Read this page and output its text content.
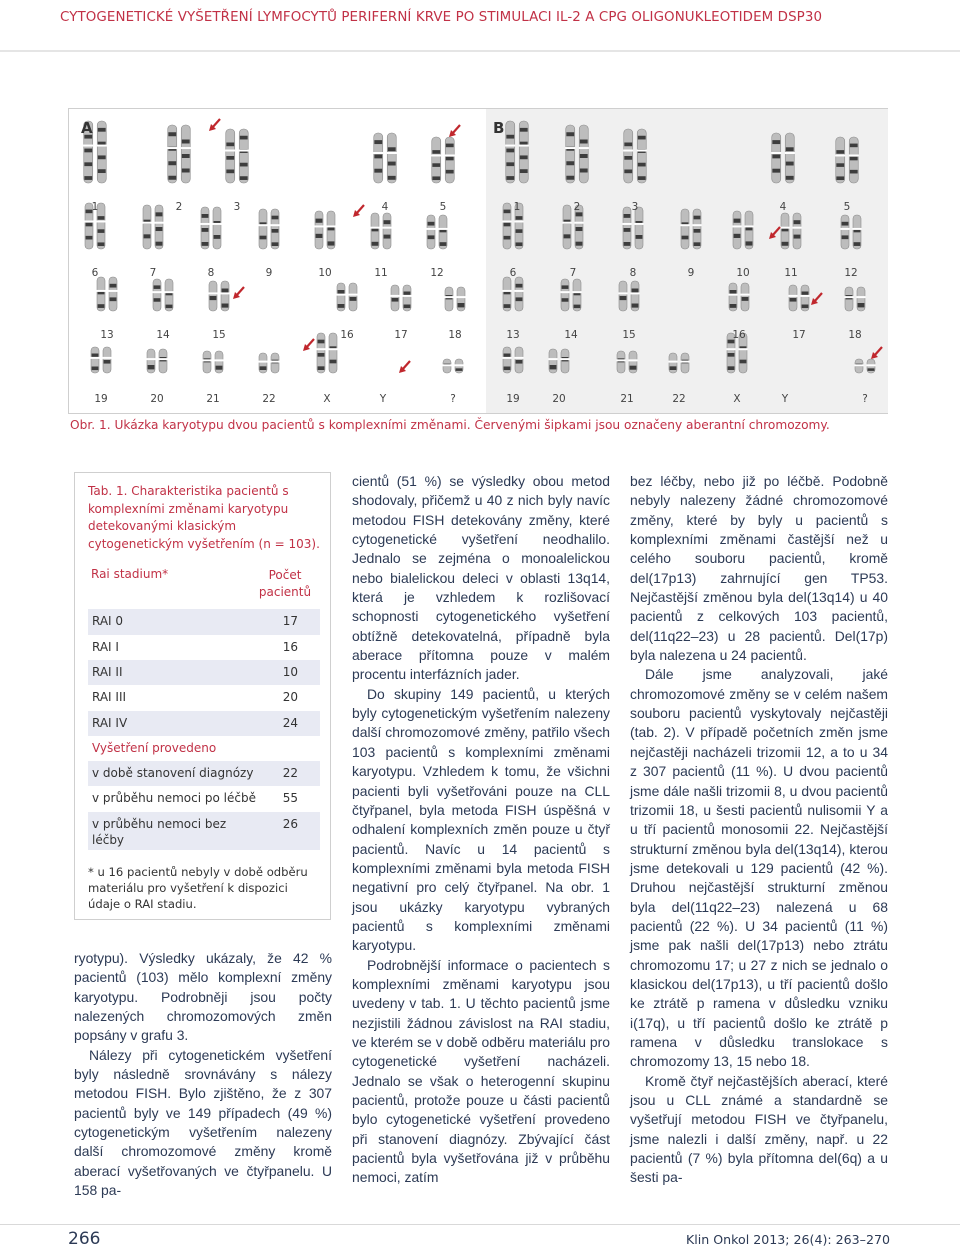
CYTOGENETICKÉ VYŠETŘENÍ LYMFOCYTŮ PERIFERNÍ KRVE PO STIMULACI IL-2 A CPG OLIGONUKLEOTIDEM DSP30
A	B
1	2	3	4	5
6	7	8	9	10	11	12
13	14	15	16	17	18
19	20	21	22	X	Y	?
1	2	3	4	5
6	7	8	9	10	11	12
13	14	15	16	17	18
19	20	21	22	X	Y	?
Obr. 1. Ukázka karyotypu dvou pacientů s komplexními změnami. Červenými šipkami jsou označeny aberantní chromozomy.
Tab. 1. Charakteristika pacientů s komplexními změnami karyotypu detekovanými klasickým cytogenetickým vyšetřením (n = 103).
Rai stadium*	Počet pacientů
RAI 0	17
RAI I	16
RAI II	10
RAI III	20
RAI IV	24
Vyšetření provedeno
v době stanovení diagnózy 22
v průběhu nemoci po léčbě 55
v průběhu nemoci bez léčby
26
* u 16 pacientů nebyly v době odběru materiálu pro vyšetření k dispozici údaje o RAI stadiu.

ryotypu). Výsledky ukázaly, že 42 % pacientů (103) mělo komplexní změny karyotypu. Podrobněji jsou počty nalezených chromozomových změn popsány v grafu 3.

Nálezy při cytogenetickém vyšetření byly následně srovnávány s nálezy metodou FISH. Bylo zjištěno, že z 307 pacientů byly ve 149 případech (49 %) cytogenetickým vyšetřením nalezeny další chromozomové změny kromě aberací vyšetřovaných ve čtyřpanelu. U 158 pa-

cientů (51 %) se výsledky obou metod shodovaly, přičemž u 40 z nich byly navíc metodou FISH detekovány změny, které cytogenetické vyšetření neodhalilo. Jednalo se zejména o monoalelickou nebo bialelickou deleci v oblasti 13q14, která je vzhledem k rozlišovací schopnosti cytogenetického vyšetření obtížně detekovatelná, případně byla aberace přítomna pouze v malém procentu interfázních jader.

Do skupiny 149 pacientů, u kterých byly cytogenetickým vyšetřením nalezeny další chromozomové změny, patřilo všech 103 pacientů s komplexními změnami karyotypu. Vzhledem k tomu, že všichni pacienti byli vyšetřováni pouze na CLL čtyřpanel, byla metoda FISH úspěšná v odhalení komplexních změn pouze u čtyř pacientů. Navíc u 14 pacientů s komplexními změnami byla metoda FISH negativní pro celý čtyřpanel. Na obr. 1 jsou ukázky karyotypu vybraných pacientů s komplexními změnami karyotypu.

Podrobnější informace o pacientech s komplexními změnami karyotypu jsou uvedeny v tab. 1. U těchto pacientů jsme nezjistili žádnou závislost na RAI stadiu, ve kterém se v době odběru materiálu pro cytogenetické vyšetření nacházeli. Jednalo se však o heterogenní skupinu pacientů, protože pouze u části pacientů bylo cytogenetické vyšetření provedeno při stanovení diagnózy. Zbývající část pacientů byla vyšetřována již v průběhu nemoci, zatím

bez léčby, nebo již po léčbě. Podobně nebyly nalezeny žádné chromozomové změny, které by byly u pacientů s komplexními změnami častější než u celého souboru pacientů, kromě del(17p13) zahrnující gen TP53. Nejčastější změnou byla del(13q14) u 40 pacientů z celkových 103 pacientů, del(11q22–23) u 28 pacientů. Del(17p) byla nalezena u 24 pacientů.

Dále jsme analyzovali, jaké chromozomové změny se v celém našem souboru pacientů vyskytovaly nejčastěji (tab. 2). V případě početních změn jsme nejčastěji nacházeli trizomii 12, a to u 34 z 307 pacientů (11 %). U dvou pacientů jsme dále našli trizomii 8, u dvou pacientů trizomii 18, u šesti pacientů nulisomii Y a u tří pacientů monosomii 22. Nejčastější strukturní změnou byla del(13q14), kterou jsme detekovali u 129 pacientů (42 %). Druhou nejčastější strukturní změnou byla del(11q22–23) nalezená u 68 pacientů (22 %). U 34 pacientů (11 %) jsme pak našli del(17p13) nebo ztrátu chromozomu 17; u 27 z nich se jednalo o klasickou del(17p13), u tří pacientů došlo ke ztrátě p ramena v důsledku vzniku i(17q), u tří pacientů došlo ke ztrátě p ramena v důsledku translokace s chromozomy 13, 15 nebo 18.

Kromě čtyř nejčastějších aberací, které jsou u CLL známé a standardně se vyšetřují metodou FISH ve čtyřpanelu, jsme nalezli i další změny, např. u 22 pacientů (7 %) byla přítomna del(6q) a u šesti pa-

266	Klin Onkol 2013; 26(4): 263–270
